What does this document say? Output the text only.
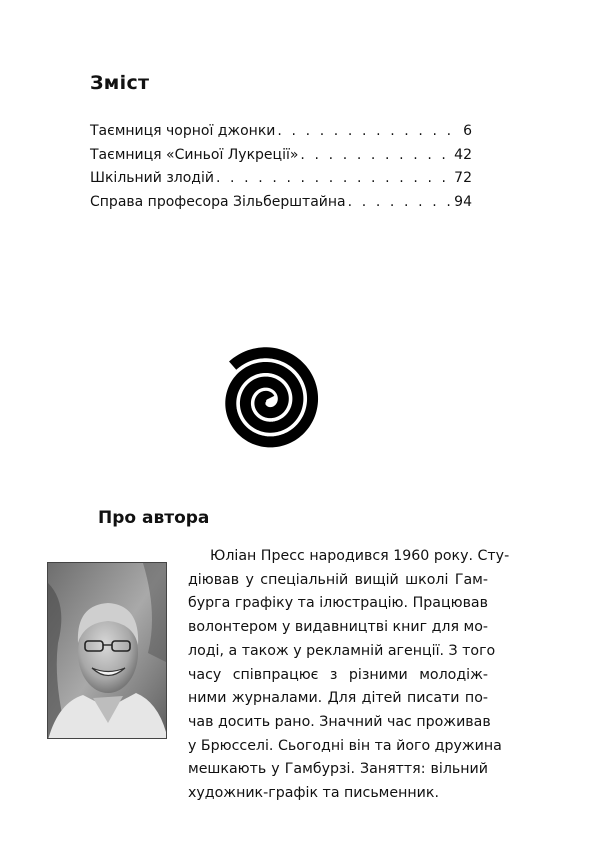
Зміст
Таємниця чорної джонки . . .	6
Таємниця «Синьої Лукреції» . . .	42
Шкільний злодій . . .	72
Справа професора Зільберштайна . . .	94
Про автора
Юліан Пресс народився 1960 року. Сту-
діював у спеціальній вищій школі Гам-
бурга графіку та ілюстрацію. Працював
волонтером у видавництві книг для мо-
лоді, а також у рекламній агенції. З того
часу співпрацює з різними молодіж-
ними журналами. Для дітей писати по-
чав досить рано. Значний час проживав
у Брюсселі. Сьогодні він та його дружина
мешкають у Гамбурзі. Заняття: вільний
художник-графік та письменник.
